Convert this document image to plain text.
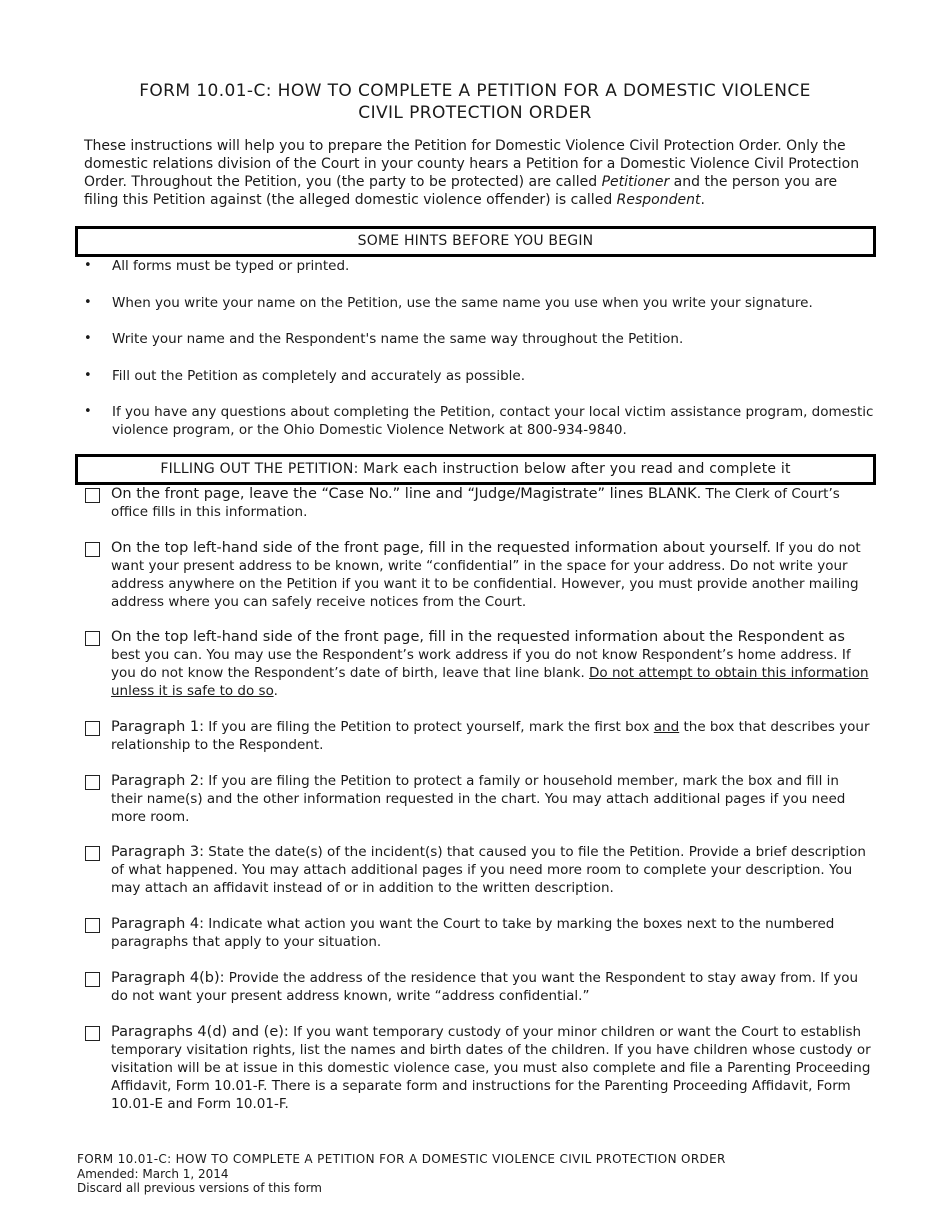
FORM 10.01-C: HOW TO COMPLETE A PETITION FOR A DOMESTIC VIOLENCE
CIVIL PROTECTION ORDER

These instructions will help you to prepare the Petition for Domestic Violence Civil Protection Order. Only the domestic relations division of the Court in your county hears a Petition for a Domestic Violence Civil Protection Order. Throughout the Petition, you (the party to be protected) are called Petitioner and the person you are filing this Petition against (the alleged domestic violence offender) is called Respondent.

SOME HINTS BEFORE YOU BEGIN
• All forms must be typed or printed.
• When you write your name on the Petition, use the same name you use when you write your signature.
• Write your name and the Respondent's name the same way throughout the Petition.
• Fill out the Petition as completely and accurately as possible.
• If you have any questions about completing the Petition, contact your local victim assistance program, domestic violence program, or the Ohio Domestic Violence Network at 800-934-9840.
FILLING OUT THE PETITION: Mark each instruction below after you read and complete it
On the front page, leave the “Case No.” line and “Judge/Magistrate” lines BLANK. The Clerk of Court’s office fills in this information.
On the top left-hand side of the front page, fill in the requested information about yourself. If you do not want your present address to be known, write “confidential” in the space for your address. Do not write your address anywhere on the Petition if you want it to be confidential. However, you must provide another mailing address where you can safely receive notices from the Court.
On the top left-hand side of the front page, fill in the requested information about the Respondent as best you can. You may use the Respondent’s work address if you do not know Respondent’s home address. If you do not know the Respondent’s date of birth, leave that line blank. Do not attempt to obtain this information unless it is safe to do so.
Paragraph 1: If you are filing the Petition to protect yourself, mark the first box and the box that describes your relationship to the Respondent.
Paragraph 2: If you are filing the Petition to protect a family or household member, mark the box and fill in their name(s) and the other information requested in the chart. You may attach additional pages if you need more room.
Paragraph 3: State the date(s) of the incident(s) that caused you to file the Petition. Provide a brief description of what happened. You may attach additional pages if you need more room to complete your description. You may attach an affidavit instead of or in addition to the written description.
Paragraph 4: Indicate what action you want the Court to take by marking the boxes next to the numbered paragraphs that apply to your situation.
Paragraph 4(b): Provide the address of the residence that you want the Respondent to stay away from. If you do not want your present address known, write “address confidential.”
Paragraphs 4(d) and (e): If you want temporary custody of your minor children or want the Court to establish temporary visitation rights, list the names and birth dates of the children. If you have children whose custody or visitation will be at issue in this domestic violence case, you must also complete and file a Parenting Proceeding Affidavit, Form 10.01-F. There is a separate form and instructions for the Parenting Proceeding Affidavit, Form 10.01-E and Form 10.01-F.
FORM 10.01-C: HOW TO COMPLETE A PETITION FOR A DOMESTIC VIOLENCE CIVIL PROTECTION ORDER
Amended: March 1, 2014
Discard all previous versions of this form
